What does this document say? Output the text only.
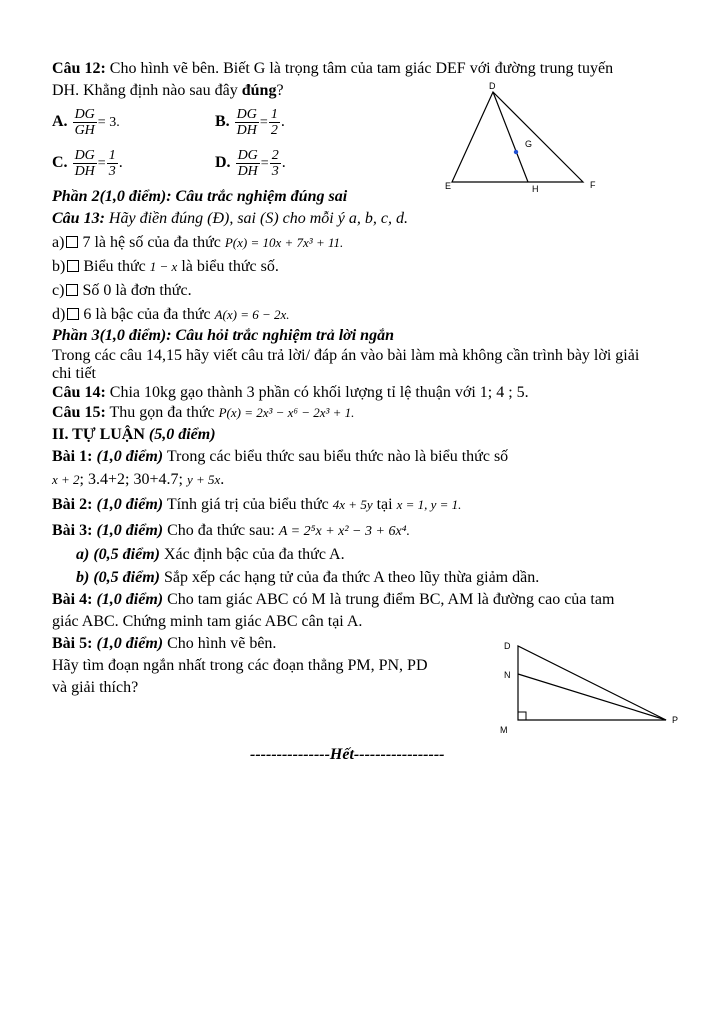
Câu 12: Cho hình vẽ bên. Biết G là trọng tâm của tam giác DEF với đường trung tuyến
DH. Khẳng định nào sau đây đúng?
A. $\frac{DG}{GH} = 3$.	B. $\frac{DG}{DH} = \frac{1}{2}$ .
C. $\frac{DG}{DH} = \frac{1}{3}$ .	D. $\frac{DG}{DH} = \frac{2}{3}$ .
D
E	F
G
H
Phần 2(1,0 điểm): Câu trắc nghiệm đúng sai
Câu 13: Hãy điền đúng (Đ), sai (S) cho mỗi ý a, b, c, d.
a) 7 là hệ số của đa thức P(x) = 10x + 7x³ + 11.
b) Biểu thức 1 − x là biểu thức số.
c) Số 0 là đơn thức.
d) 6 là bậc của đa thức A(x) = 6 − 2x.
Phần 3(1,0 điểm): Câu hỏi trắc nghiệm trả lời ngắn
Trong các câu 14,15 hãy viết câu trả lời/ đáp án vào bài làm mà không cần trình bày lời giải
chi tiết
Câu 14: Chia 10kg gạo thành 3 phần có khối lượng tỉ lệ thuận với 1; 4 ; 5.
Câu 15: Thu gọn đa thức P(x) = 2x³ − x⁶ − 2x³ + 1.
II. TỰ LUẬN (5,0 điểm)
Bài 1: (1,0 điểm) Trong các biểu thức sau biểu thức nào là biểu thức số
x + 2; 3.4+2; 30+4.7; y + 5x.
Bài 2: (1,0 điểm) Tính giá trị của biểu thức 4x + 5y tại x = 1, y = 1.
Bài 3: (1,0 điểm) Cho đa thức sau: A = 2⁵x + x² − 3 + 6x⁴.
a) (0,5 điểm) Xác định bậc của đa thức A.
b) (0,5 điểm) Sắp xếp các hạng tử của đa thức A theo lũy thừa giảm dần.
Bài 4: (1,0 điểm) Cho tam giác ABC có M là trung điểm BC, AM là đường cao của tam
giác ABC. Chứng minh tam giác ABC cân tại A.
Bài 5: (1,0 điểm) Cho hình vẽ bên.
Hãy tìm đoạn ngắn nhất trong các đoạn thẳng PM, PN, PD
và giải thích?
D
N
M
P
---------------Hết-----------------
